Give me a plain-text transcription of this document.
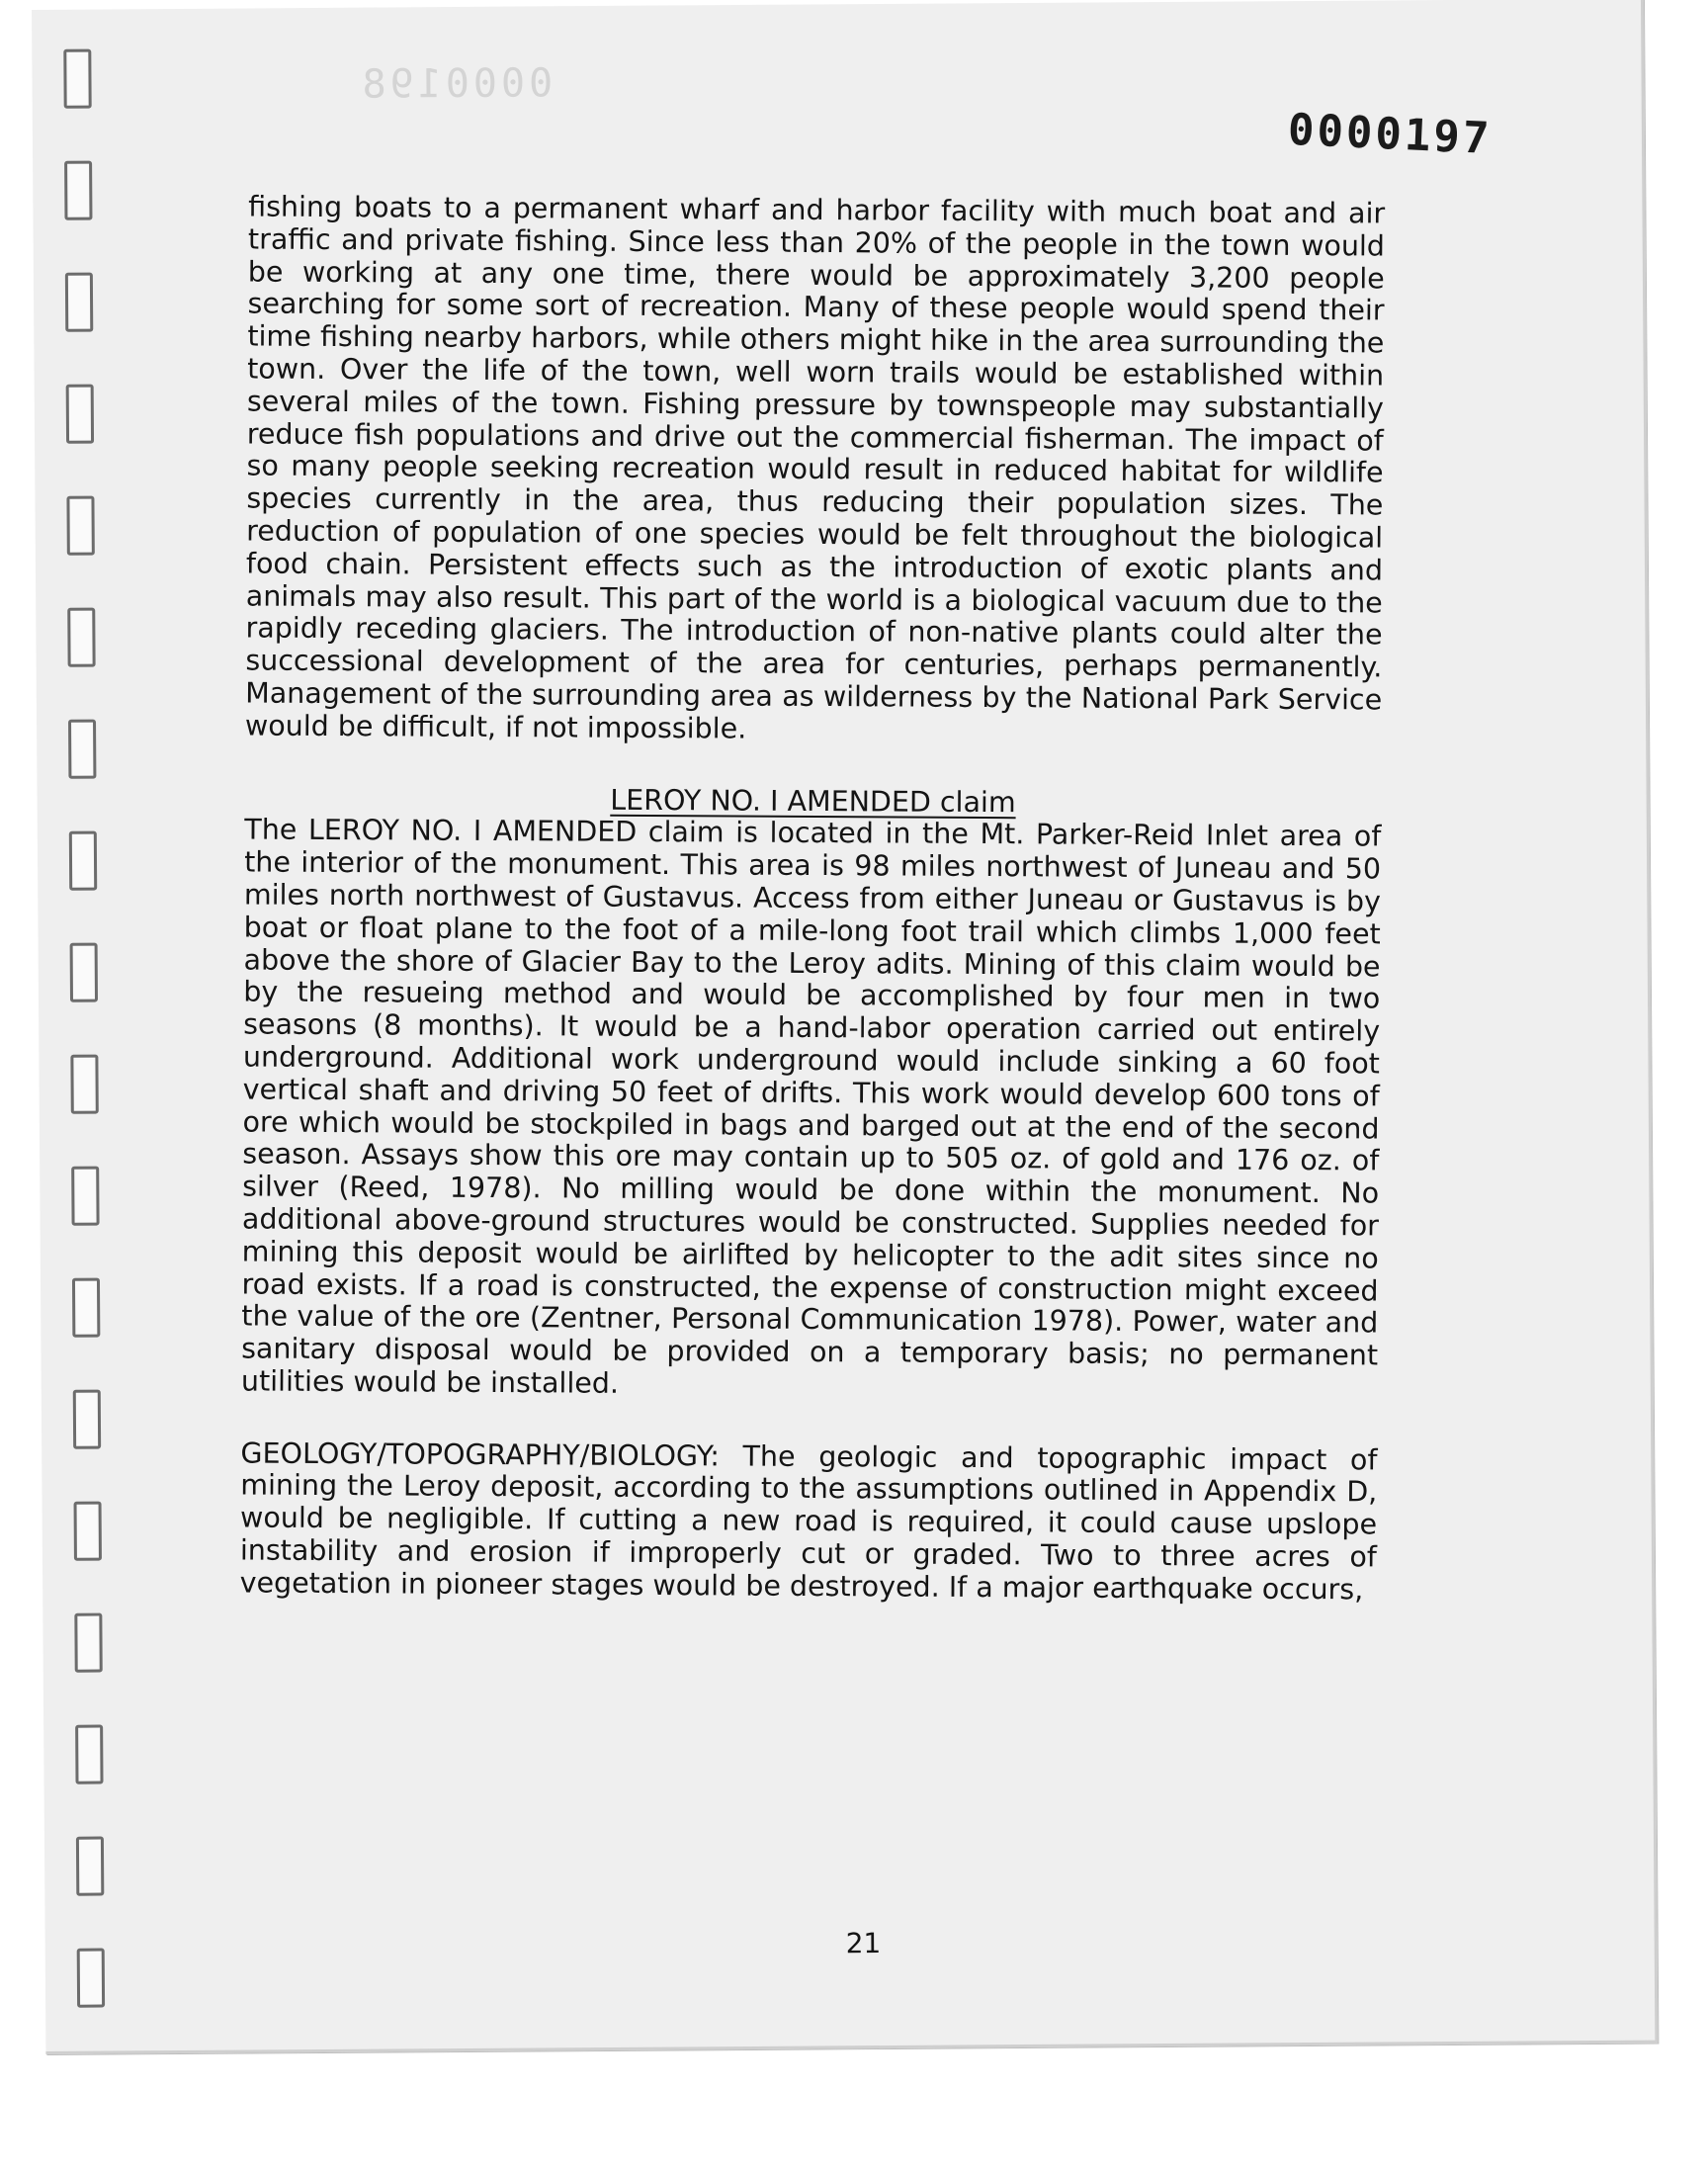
0000198
0000197

fishing boats to a permanent wharf and harbor facility with much boat and air traffic and private fishing. Since less than 20% of the people in the town would be working at any one time, there would be approximately 3,200 people searching for some sort of recreation. Many of these people would spend their time fishing nearby harbors, while others might hike in the area surrounding the town. Over the life of the town, well worn trails would be established within several miles of the town. Fishing pressure by townspeople may substantially reduce fish populations and drive out the commercial fisherman. The impact of so many people seeking recreation would result in reduced habitat for wildlife species currently in the area, thus reducing their population sizes. The reduction of population of one species would be felt throughout the biological food chain. Persistent effects such as the introduction of exotic plants and animals may also result. This part of the world is a biological vacuum due to the rapidly receding glaciers. The introduction of non-native plants could alter the successional development of the area for centuries, perhaps permanently. Management of the surrounding area as wilderness by the National Park Service would be difficult, if not impossible.

LEROY NO. I AMENDED claim

The LEROY NO. I AMENDED claim is located in the Mt. Parker-Reid Inlet area of the interior of the monument. This area is 98 miles northwest of Juneau and 50 miles north northwest of Gustavus. Access from either Juneau or Gustavus is by boat or float plane to the foot of a mile-long foot trail which climbs 1,000 feet above the shore of Glacier Bay to the Leroy adits. Mining of this claim would be by the resueing method and would be accomplished by four men in two seasons (8 months). It would be a hand-labor operation carried out entirely underground. Additional work underground would include sinking a 60 foot vertical shaft and driving 50 feet of drifts. This work would develop 600 tons of ore which would be stockpiled in bags and barged out at the end of the second season. Assays show this ore may contain up to 505 oz. of gold and 176 oz. of silver (Reed, 1978). No milling would be done within the monument. No additional above-ground structures would be constructed. Supplies needed for mining this deposit would be airlifted by helicopter to the adit sites since no road exists. If a road is constructed, the expense of construction might exceed the value of the ore (Zentner, Personal Communication 1978). Power, water and sanitary disposal would be provided on a temporary basis; no permanent utilities would be installed.

GEOLOGY/TOPOGRAPHY/BIOLOGY: The geologic and topographic impact of mining the Leroy deposit, according to the assumptions outlined in Appendix D, would be negligible. If cutting a new road is required, it could cause upslope instability and erosion if improperly cut or graded. Two to three acres of vegetation in pioneer stages would be destroyed. If a major earthquake occurs,

21
